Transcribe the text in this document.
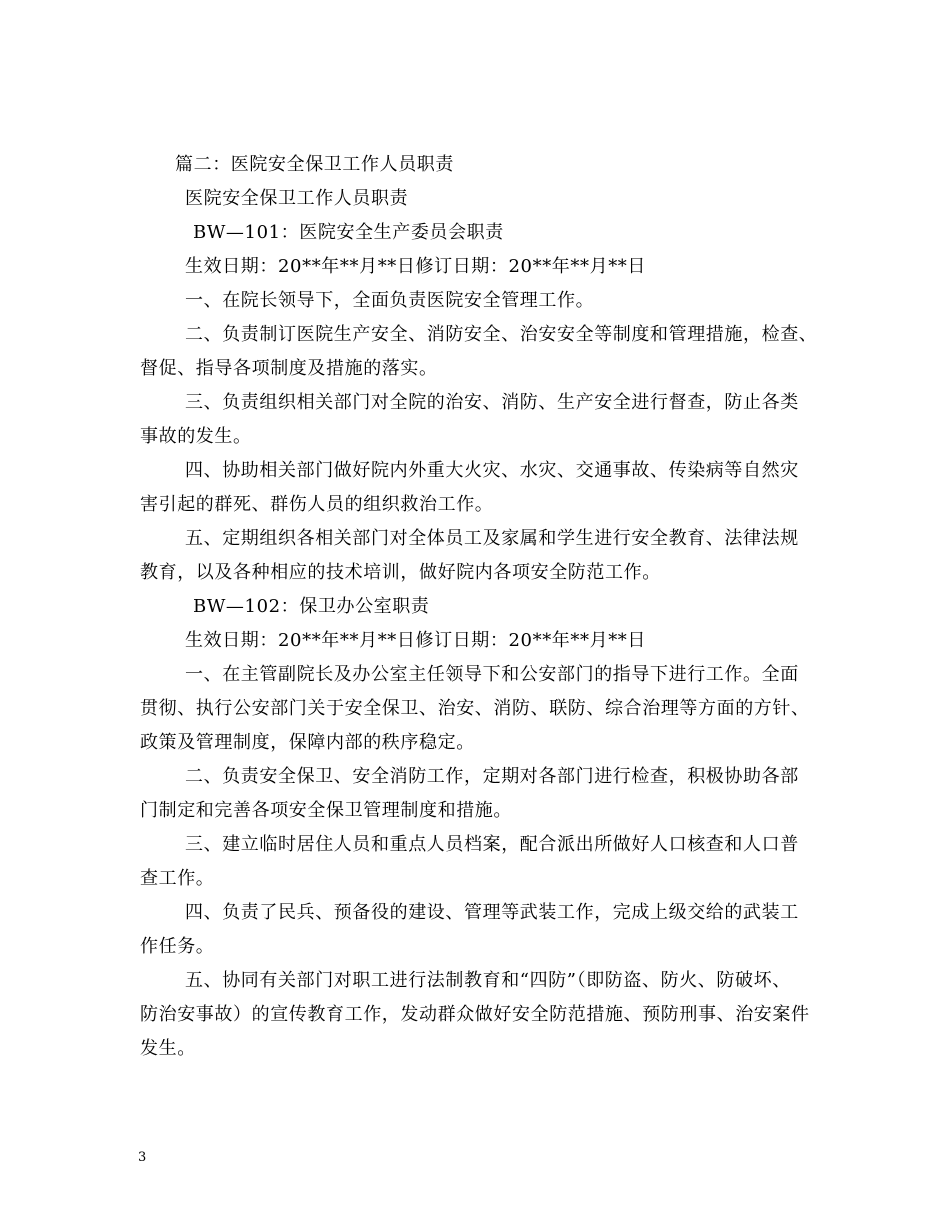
篇二：医院安全保卫工作人员职责
医院安全保卫工作人员职责
BW—101：医院安全生产委员会职责
生效日期：20**年**月**日修订日期：20**年**月**日
一、在院长领导下，全面负责医院安全管理工作。
二、负责制订医院生产安全、消防安全、治安安全等制度和管理措施，检查、
督促、指导各项制度及措施的落实。
三、负责组织相关部门对全院的治安、消防、生产安全进行督查，防止各类
事故的发生。
四、协助相关部门做好院内外重大火灾、水灾、交通事故、传染病等自然灾
害引起的群死、群伤人员的组织救治工作。
五、定期组织各相关部门对全体员工及家属和学生进行安全教育、法律法规
教育，以及各种相应的技术培训，做好院内各项安全防范工作。
BW—102：保卫办公室职责
生效日期：20**年**月**日修订日期：20**年**月**日
一、在主管副院长及办公室主任领导下和公安部门的指导下进行工作。全面
贯彻、执行公安部门关于安全保卫、治安、消防、联防、综合治理等方面的方针、
政策及管理制度，保障内部的秩序稳定。
二、负责安全保卫、安全消防工作，定期对各部门进行检查，积极协助各部
门制定和完善各项安全保卫管理制度和措施。
三、建立临时居住人员和重点人员档案，配合派出所做好人口核查和人口普
查工作。
四、负责了民兵、预备役的建设、管理等武装工作，完成上级交给的武装工
作任务。
五、协同有关部门对职工进行法制教育和“四防”（即防盗、防火、防破坏、
防治安事故）的宣传教育工作，发动群众做好安全防范措施、预防刑事、治安案件
发生。
3
